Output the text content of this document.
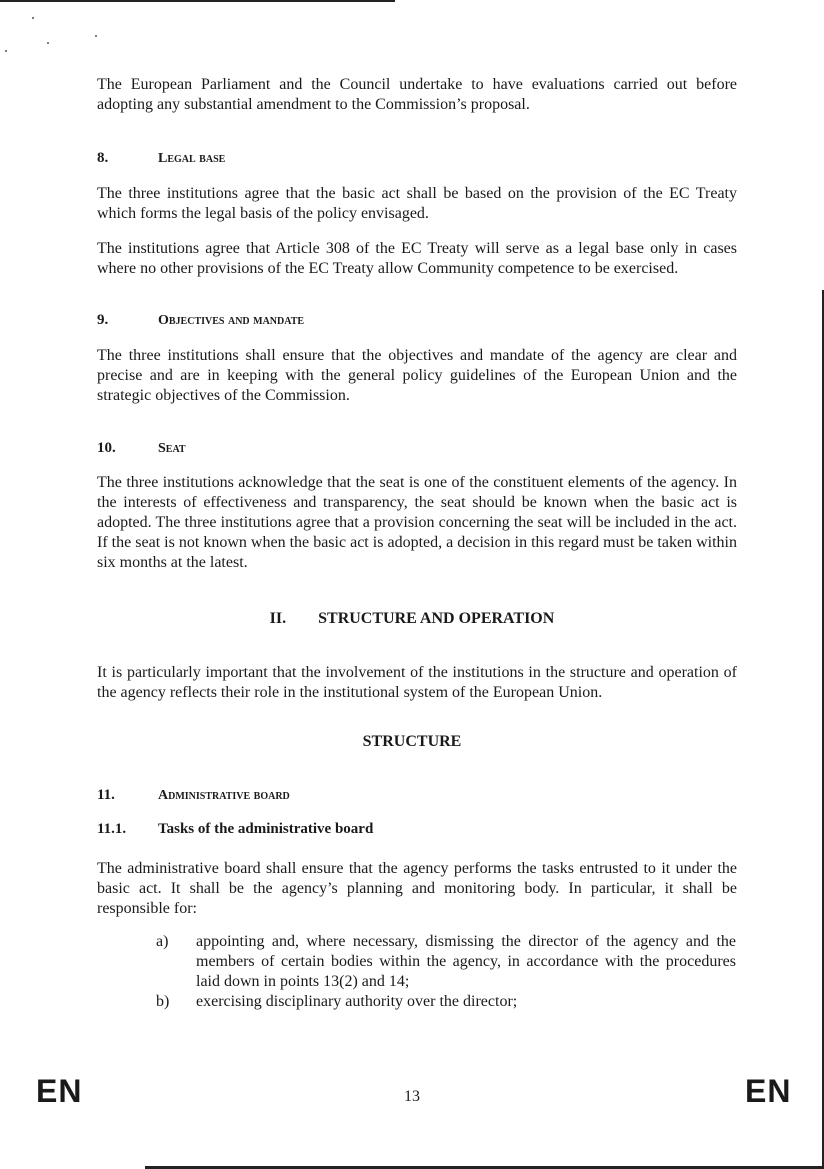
The European Parliament and the Council undertake to have evaluations carried out before adopting any substantial amendment to the Commission’s proposal.

8.	Legal base

The three institutions agree that the basic act shall be based on the provision of the EC Treaty which forms the legal basis of the policy envisaged.

The institutions agree that Article 308 of the EC Treaty will serve as a legal base only in cases where no other provisions of the EC Treaty allow Community competence to be exercised.

9.	Objectives and mandate

The three institutions shall ensure that the objectives and mandate of the agency are clear and precise and are in keeping with the general policy guidelines of the European Union and the strategic objectives of the Commission.

10.	Seat

The three institutions acknowledge that the seat is one of the constituent elements of the agency. In the interests of effectiveness and transparency, the seat should be known when the basic act is adopted. The three institutions agree that a provision concerning the seat will be included in the act. If the seat is not known when the basic act is adopted, a decision in this regard must be taken within six months at the latest.

II. STRUCTURE AND OPERATION

It is particularly important that the involvement of the institutions in the structure and operation of the agency reflects their role in the institutional system of the European Union.

STRUCTURE

11.	Administrative board

11.1. Tasks of the administrative board

The administrative board shall ensure that the agency performs the tasks entrusted to it under the basic act. It shall be the agency’s planning and monitoring body. In particular, it shall be responsible for:

a) appointing and, where necessary, dismissing the director of the agency and the members of certain bodies within the agency, in accordance with the procedures laid down in points 13(2) and 14;
b) exercising disciplinary authority over the director;

EN	13	EN
